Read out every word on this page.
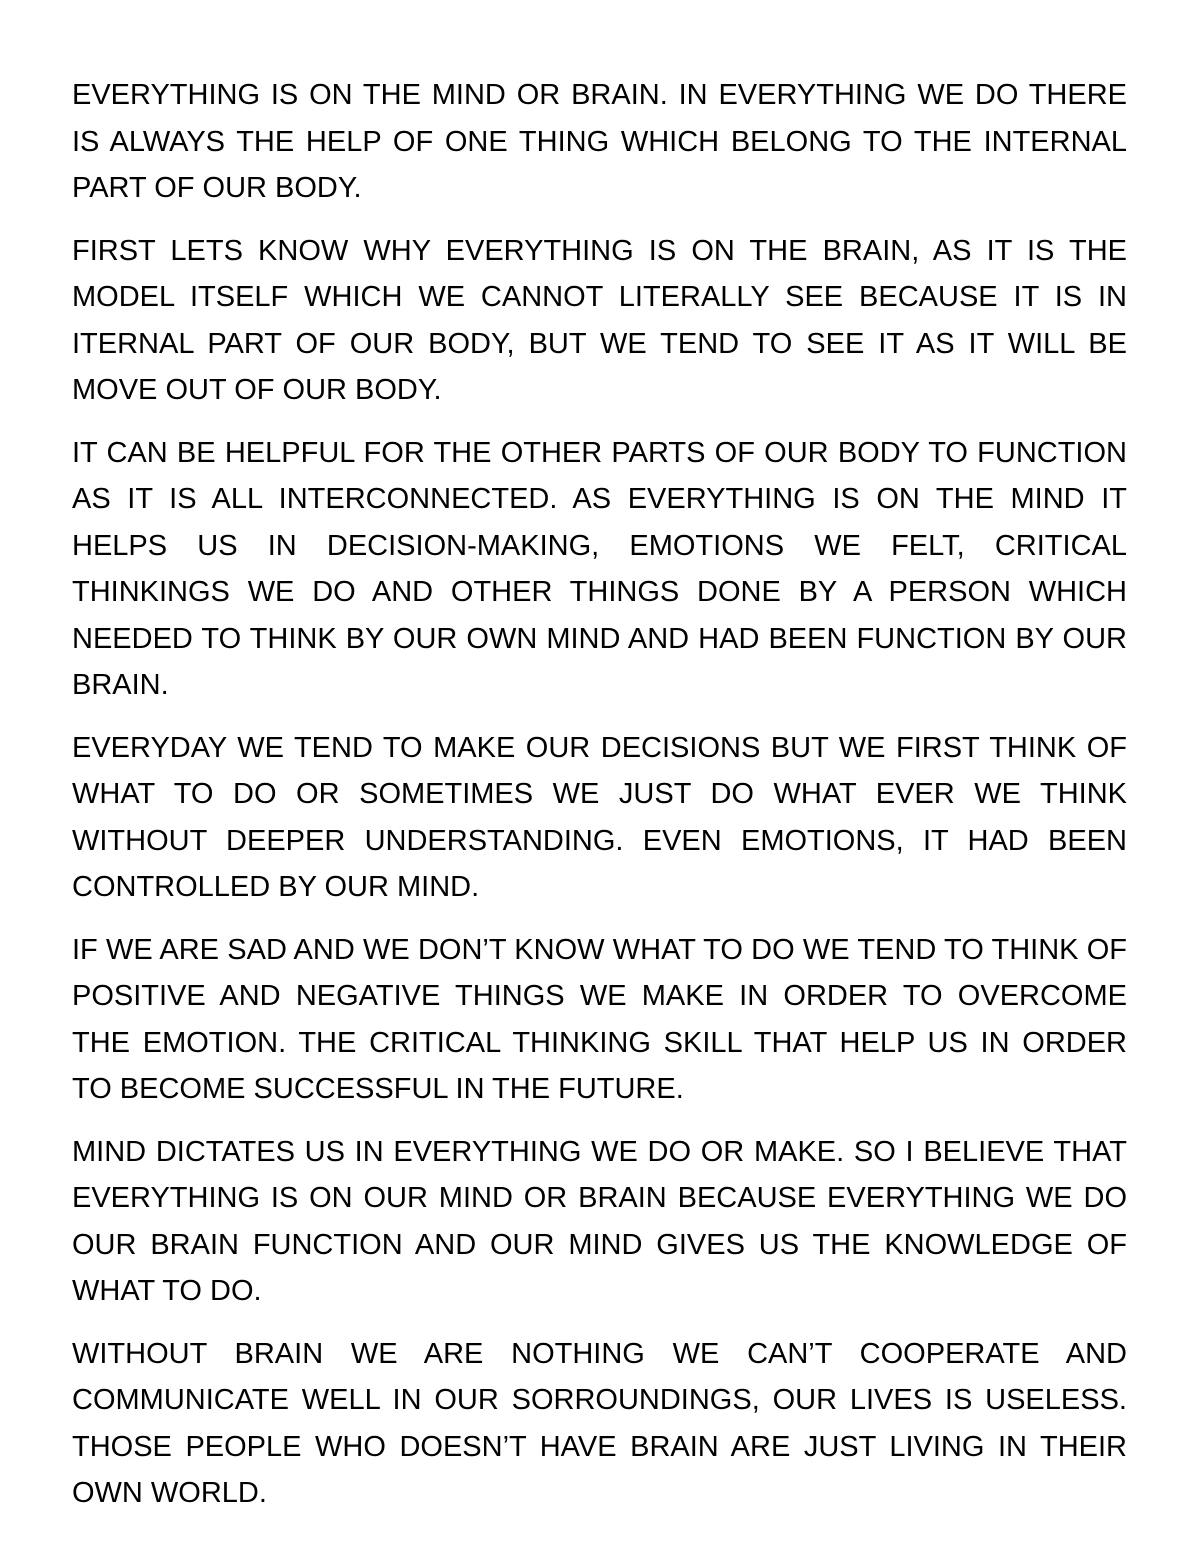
EVERYTHING IS ON THE MIND OR BRAIN. IN EVERYTHING WE DO THERE IS ALWAYS THE HELP OF ONE THING WHICH BELONG TO THE INTERNAL PART OF OUR BODY.

FIRST LETS KNOW WHY EVERYTHING IS ON THE BRAIN, AS IT IS THE MODEL ITSELF WHICH WE CANNOT LITERALLY SEE BECAUSE IT IS IN ITERNAL PART OF OUR BODY, BUT WE TEND TO SEE IT AS IT WILL BE MOVE OUT OF OUR BODY.

IT CAN BE HELPFUL FOR THE OTHER PARTS OF OUR BODY TO FUNCTION AS IT IS ALL INTERCONNECTED. AS EVERYTHING IS ON THE MIND IT HELPS US IN DECISION-MAKING, EMOTIONS WE FELT, CRITICAL THINKINGS WE DO AND OTHER THINGS DONE BY A PERSON WHICH NEEDED TO THINK BY OUR OWN MIND AND HAD BEEN FUNCTION BY OUR BRAIN.

EVERYDAY WE TEND TO MAKE OUR DECISIONS BUT WE FIRST THINK OF WHAT TO DO OR SOMETIMES WE JUST DO WHAT EVER WE THINK WITHOUT DEEPER UNDERSTANDING. EVEN EMOTIONS, IT HAD BEEN CONTROLLED BY OUR MIND.

IF WE ARE SAD AND WE DON’T KNOW WHAT TO DO WE TEND TO THINK OF POSITIVE AND NEGATIVE THINGS WE MAKE IN ORDER TO OVERCOME THE EMOTION. THE CRITICAL THINKING SKILL THAT HELP US IN ORDER TO BECOME SUCCESSFUL IN THE FUTURE.

MIND DICTATES US IN EVERYTHING WE DO OR MAKE. SO I BELIEVE THAT EVERYTHING IS ON OUR MIND OR BRAIN BECAUSE EVERYTHING WE DO OUR BRAIN FUNCTION AND OUR MIND GIVES US THE KNOWLEDGE OF WHAT TO DO.

WITHOUT BRAIN WE ARE NOTHING WE CAN’T COOPERATE AND COMMUNICATE WELL IN OUR SORROUNDINGS, OUR LIVES IS USELESS. THOSE PEOPLE WHO DOESN’T HAVE BRAIN ARE JUST LIVING IN THEIR OWN WORLD.
